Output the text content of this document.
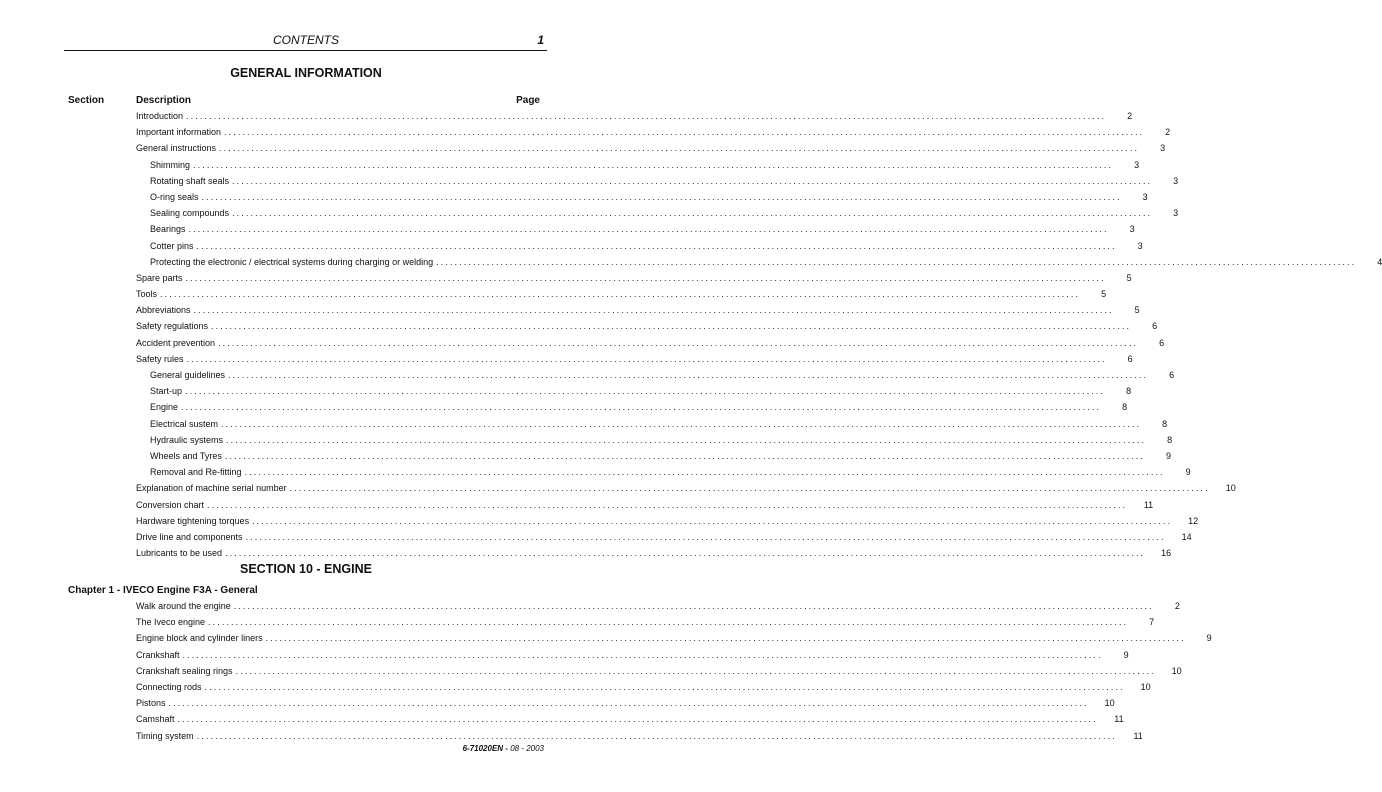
CONTENTS	1
GENERAL INFORMATION
Section	Description	Page
Introduction ........................................................................................................................................................................................................	2
Important information ........................................................................................................................................................................................................	2
General instructions ........................................................................................................................................................................................................	3
Shimming ........................................................................................................................................................................................................	3
Rotating shaft seals ........................................................................................................................................................................................................	3
O-ring seals ........................................................................................................................................................................................................	3
Sealing compounds ........................................................................................................................................................................................................	3
Bearings ........................................................................................................................................................................................................	3
Cotter pins ........................................................................................................................................................................................................	3
Protecting the electronic / electrical systems during charging or welding ........................................................................................................................................................................................................	4
Spare parts ........................................................................................................................................................................................................	5
Tools ........................................................................................................................................................................................................	5
Abbreviations ........................................................................................................................................................................................................	5
Safety regulations ........................................................................................................................................................................................................	6
Accident prevention ........................................................................................................................................................................................................	6
Safety rules ........................................................................................................................................................................................................	6
General guidelines ........................................................................................................................................................................................................	6
Start-up ........................................................................................................................................................................................................	8
Engine ........................................................................................................................................................................................................	8
Electrical sustem ........................................................................................................................................................................................................	8
Hydraulic systems ........................................................................................................................................................................................................	8
Wheels and Tyres ........................................................................................................................................................................................................	9
Removal and Re-fitting ........................................................................................................................................................................................................	9
Explanation of machine serial number ........................................................................................................................................................................................................	10
Conversion chart ........................................................................................................................................................................................................	11
Hardware tightening torques ........................................................................................................................................................................................................	12
Drive line and components ........................................................................................................................................................................................................	14
Lubricants to be used ........................................................................................................................................................................................................	16
SECTION 10 - ENGINE
Chapter 1 - IVECO Engine F3A - General
Walk around the engine ........................................................................................................................................................................................................	2
The Iveco engine ........................................................................................................................................................................................................	7
Engine block and cylinder liners ........................................................................................................................................................................................................	9
Crankshaft ........................................................................................................................................................................................................	9
Crankshaft sealing rings ........................................................................................................................................................................................................	10
Connecting rods ........................................................................................................................................................................................................	10
Pistons ........................................................................................................................................................................................................	10
Camshaft ........................................................................................................................................................................................................	11
Timing system ........................................................................................................................................................................................................	11
6-71020EN - 08 - 2003
